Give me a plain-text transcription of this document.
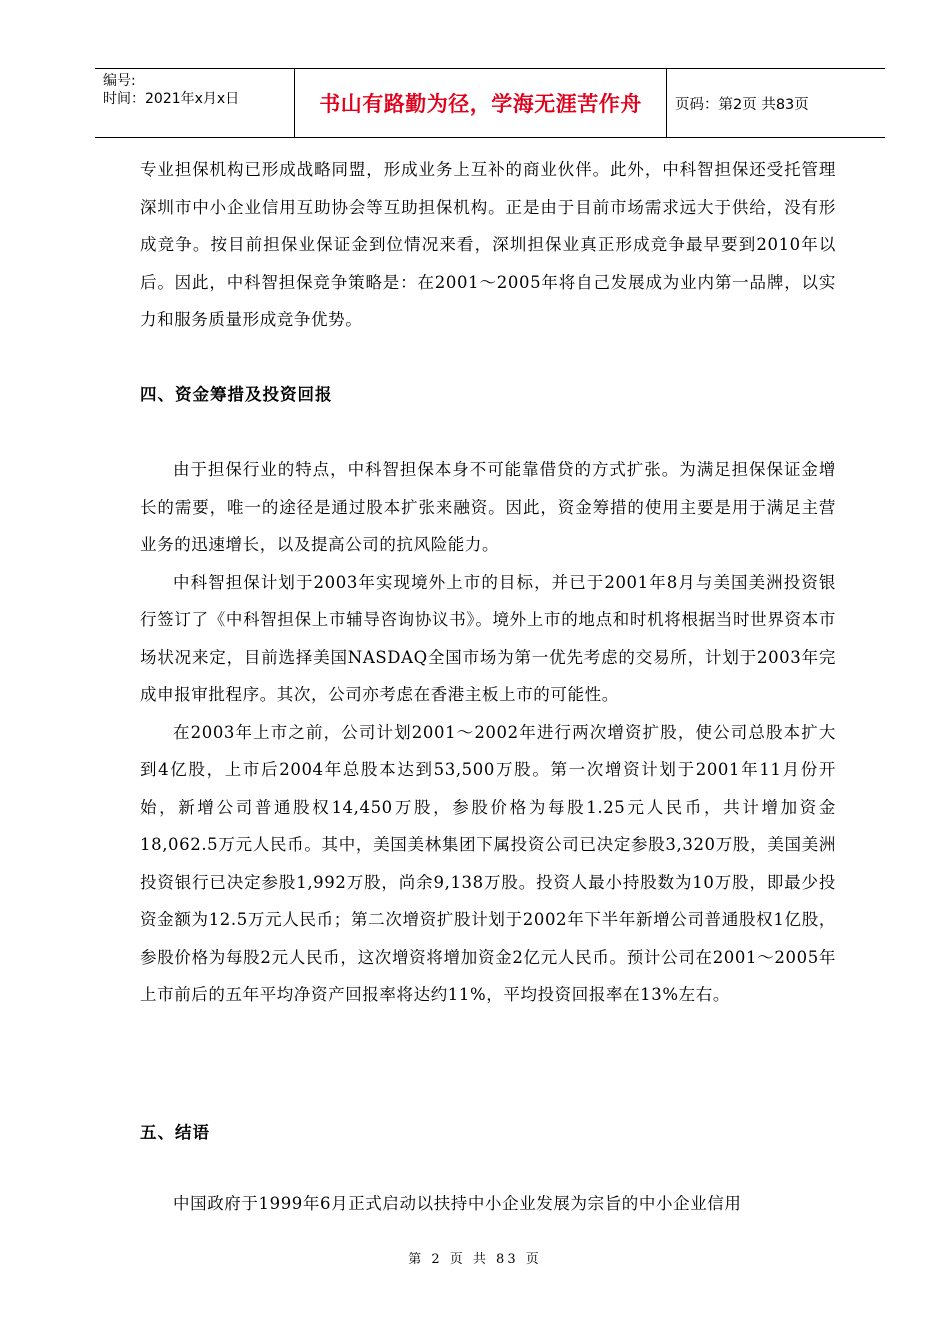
编号:
时间：2021年x月x日	书山有路勤为径，学海无涯苦作舟	页码：第2页 共83页

专业担保机构已形成战略同盟，形成业务上互补的商业伙伴。此外，中科智担保还受托管理深圳市中小企业信用互助协会等互助担保机构。正是由于目前市场需求远大于供给，没有形成竞争。按目前担保业保证金到位情况来看，深圳担保业真正形成竞争最早要到2010年以后。因此，中科智担保竞争策略是：在2001～2005年将自己发展成为业内第一品牌，以实力和服务质量形成竞争优势。

四、资金筹措及投资回报

由于担保行业的特点，中科智担保本身不可能靠借贷的方式扩张。为满足担保保证金增长的需要，唯一的途径是通过股本扩张来融资。因此，资金筹措的使用主要是用于满足主营业务的迅速增长，以及提高公司的抗风险能力。

中科智担保计划于2003年实现境外上市的目标，并已于2001年8月与美国美洲投资银行签订了《中科智担保上市辅导咨询协议书》。境外上市的地点和时机将根据当时世界资本市场状况来定，目前选择美国NASDAQ全国市场为第一优先考虑的交易所，计划于2003年完成申报审批程序。其次，公司亦考虑在香港主板上市的可能性。

在2003年上市之前，公司计划2001～2002年进行两次增资扩股，使公司总股本扩大到4亿股，上市后2004年总股本达到53,500万股。第一次增资计划于2001年11月份开始，新增公司普通股权14,450万股，参股价格为每股1.25元人民币，共计增加资金18,062.5万元人民币。其中，美国美林集团下属投资公司已决定参股3,320万股，美国美洲投资银行已决定参股1,992万股，尚余9,138万股。投资人最小持股数为10万股，即最少投资金额为12.5万元人民币；第二次增资扩股计划于2002年下半年新增公司普通股权1亿股，参股价格为每股2元人民币，这次增资将增加资金2亿元人民币。预计公司在2001～2005年上市前后的五年平均净资产回报率将达约11%，平均投资回报率在13%左右。

五、结语

中国政府于1999年6月正式启动以扶持中小企业发展为宗旨的中小企业信用

第 2 页 共 83 页
